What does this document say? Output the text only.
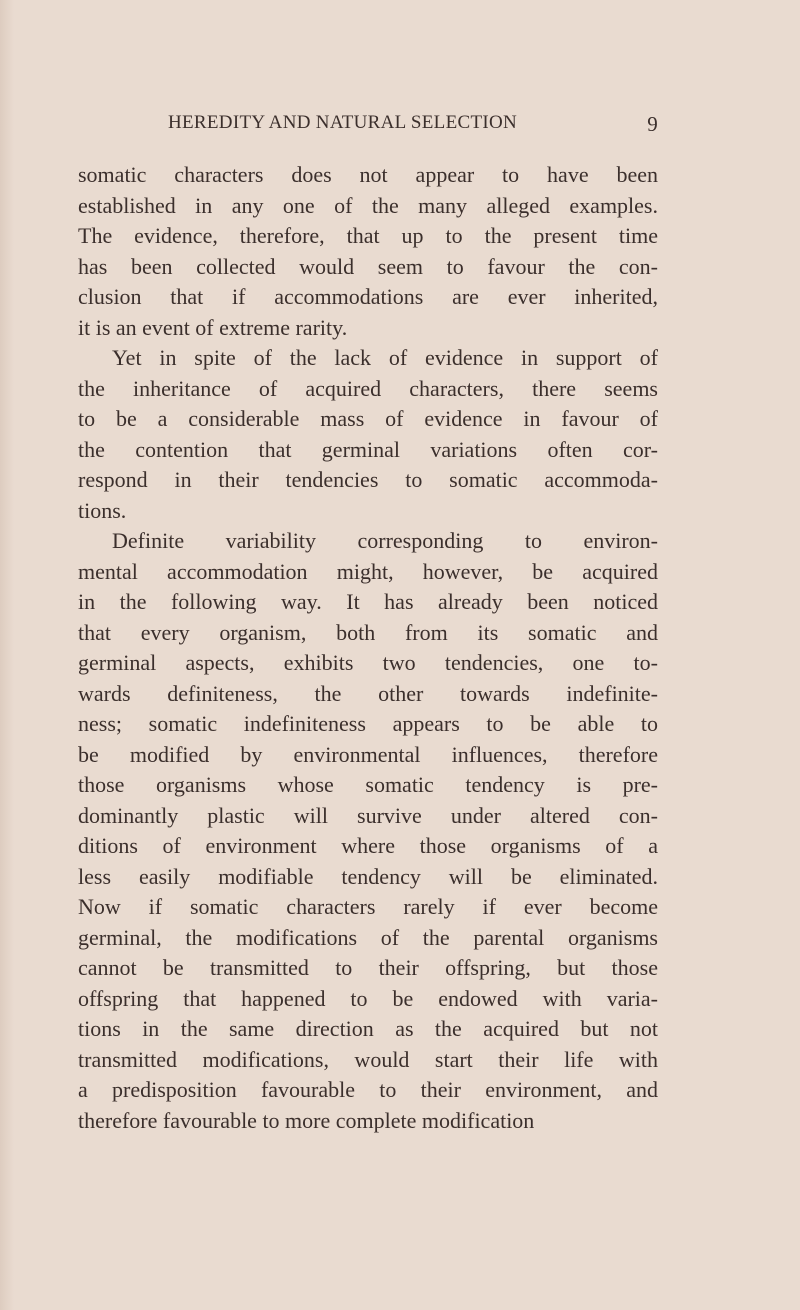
HEREDITY AND NATURAL SELECTION	9
somatic characters does not appear to have been
established in any one of the many alleged examples.
The evidence, therefore, that up to the present time
has been collected would seem to favour the con-
clusion that if accommodations are ever inherited,
it is an event of extreme rarity.
Yet in spite of the lack of evidence in support of
the inheritance of acquired characters, there seems
to be a considerable mass of evidence in favour of
the contention that germinal variations often cor-
respond in their tendencies to somatic accommoda-
tions.
Definite variability corresponding to environ-
mental accommodation might, however, be acquired
in the following way. It has already been noticed
that every organism, both from its somatic and
germinal aspects, exhibits two tendencies, one to-
wards definiteness, the other towards indefinite-
ness; somatic indefiniteness appears to be able to
be modified by environmental influences, therefore
those organisms whose somatic tendency is pre-
dominantly plastic will survive under altered con-
ditions of environment where those organisms of a
less easily modifiable tendency will be eliminated.
Now if somatic characters rarely if ever become
germinal, the modifications of the parental organisms
cannot be transmitted to their offspring, but those
offspring that happened to be endowed with varia-
tions in the same direction as the acquired but not
transmitted modifications, would start their life with
a predisposition favourable to their environment, and
therefore favourable to more complete modification
